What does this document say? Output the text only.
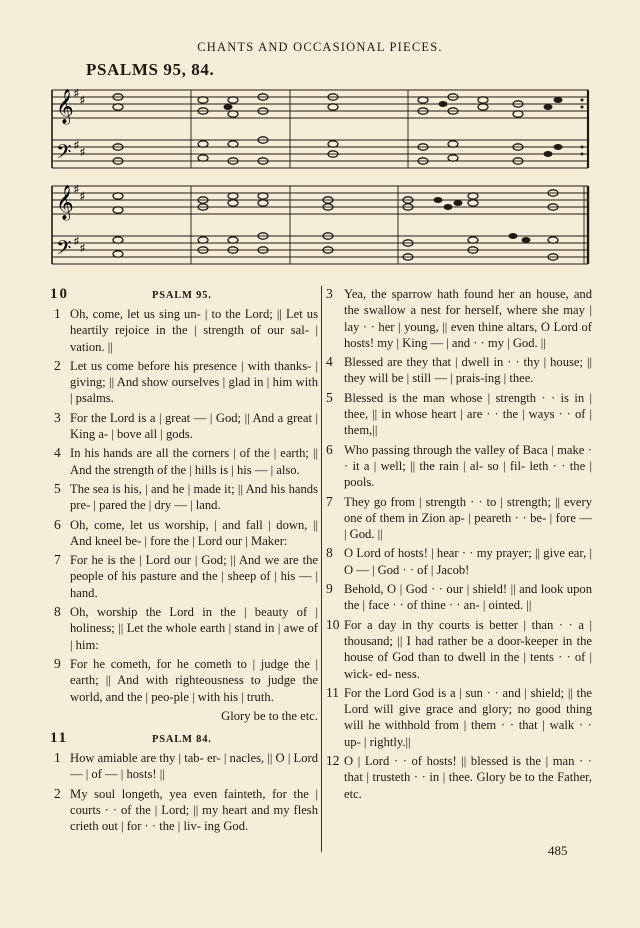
CHANTS AND OCCASIONAL PIECES.
PSALMS 95, 84.
𝄞
𝄢
♯
♯
♯
♯
𝄞
𝄢
♯
♯
♯
♯
10	PSALM 95.
1 Oh, come, let us sing un- | to the Lord; || Let us heartily rejoice in the | strength of our sal- | vation. ||
2 Let us come before his presence | with thanks- | giving; || And show ourselves | glad in | him with | psalms.
3 For the Lord is a | great — | God; || And a great | King a- | bove all | gods.
4 In his hands are all the corners | of the | earth; || And the strength of the | hills is | his — | also.
5 The sea is his, | and he | made it; || And his hands pre- | pared the | dry — | land.
6 Oh, come, let us worship, | and fall | down, || And kneel be- | fore the | Lord our | Maker:
7 For he is the | Lord our | God; || And we are the people of his pasture and the | sheep of | his — | hand.
8 Oh, worship the Lord in the | beauty of | holiness; || Let the whole earth | stand in | awe of | him:
9 For he cometh, for he cometh to | judge the | earth; || And with righteousness to judge the world, and the | peo-ple | with his | truth.
Glory be to the etc.
11	PSALM 84.
1 How amiable are thy | tab- er- | nacles, || O | Lord — | of — | hosts! ||
2 My soul longeth, yea even fainteth, for the | courts · · of the | Lord; || my heart and my flesh crieth out | for · · the | liv- ing God.
3 Yea, the sparrow hath found her an house, and the swallow a nest for herself, where she may | lay · · her | young, || even thine altars, O Lord of hosts! my | King — | and · · my | God. ||
4 Blessed are they that | dwell in · · thy | house; || they will be | still — | prais-ing | thee.
5 Blessed is the man whose | strength · · is in | thee, || in whose heart | are · · the | ways · · of | them,||
6 Who passing through the valley of Baca | make · · it a | well; || the rain | al- so | fil- leth · · the | pools.
7 They go from | strength · · to | strength; || every one of them in Zion ap- | peareth · · be- | fore — | God. ||
8 O Lord of hosts! | hear · · my prayer; || give ear, | O — | God · · of | Jacob!
9 Behold, O | God · · our | shield! || and look upon the | face · · of thine · · an- | ointed. ||
10 For a day in thy courts is better | than · · a | thousand; || I had rather be a door-keeper in the house of God than to dwell in the | tents · · of | wick- ed- ness.
11 For the Lord God is a | sun · · and | shield; || the Lord will give grace and glory; no good thing will he withhold from | them · · that | walk · · up- | rightly.||
12 O | Lord · · of hosts! || blessed is the | man · · that | trusteth · · in | thee. Glory be to the Father, etc.
485
